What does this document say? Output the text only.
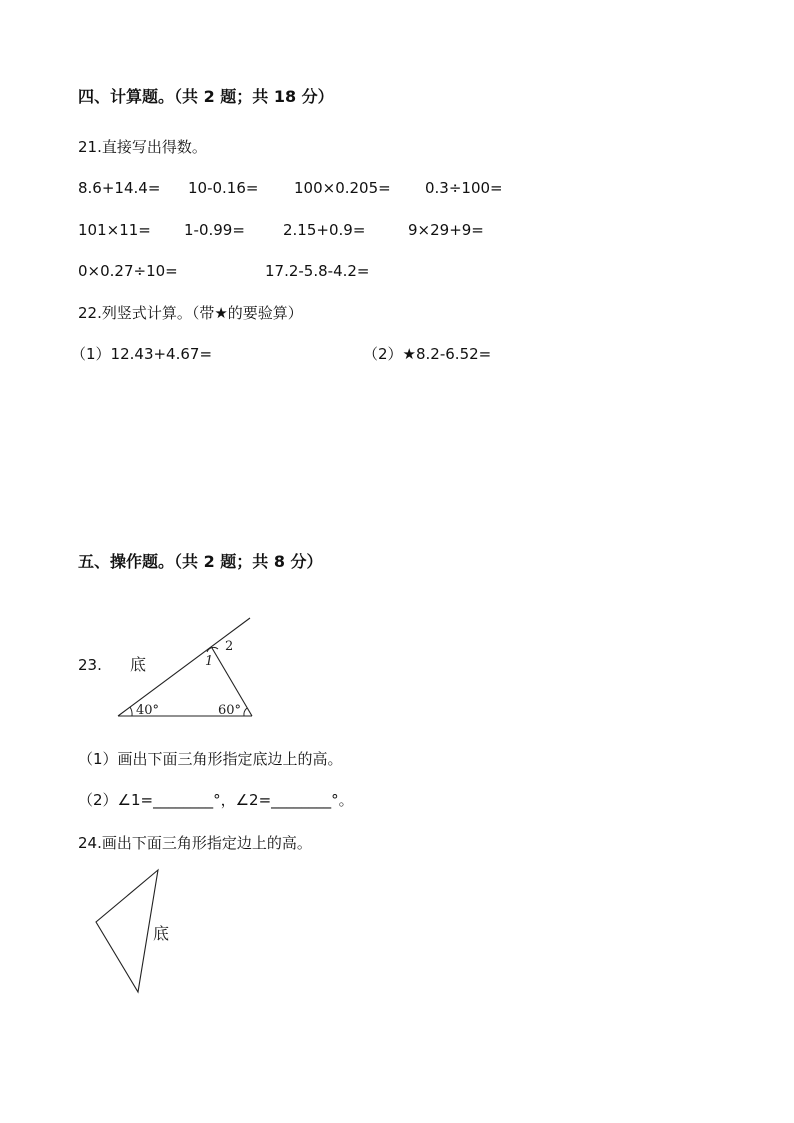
四、计算题。（共 2 题；共 18 分）
21.直接写出得数。
8.6+14.4= 10-0.16= 100×0.205= 0.3÷100=
101×11= 1-0.99=	2.15+0.9=	9×29+9=
0×0.27÷10=	17.2-5.8-4.2=
22.列竖式计算。（带★的要验算）
（1）12.43+4.67=	（2）★8.2-6.52=
五、操作题。（共 2 题；共 8 分）
23. 底	1
2
40°	60°
（1）画出下面三角形指定底边上的高。
（2）∠1=________°，∠2=________°。
24.画出下面三角形指定边上的高。
底
